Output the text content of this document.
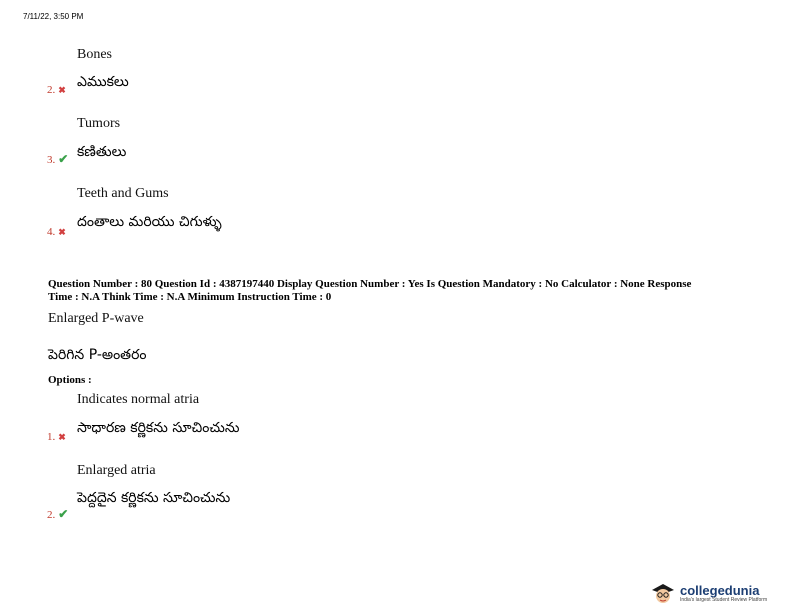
7/11/22, 3:50 PM
Bones
2. ✖ ఎముకలు
Tumors
3. ✔ కణితులు
Teeth and Gums
4. ✖
దంతాలు మరియు చిగుళ్ళు
Question Number : 80 Question Id : 4387197440 Display Question Number : Yes Is Question Mandatory : No Calculator : None Response
Time : N.A Think Time : N.A Minimum Instruction Time : 0
Enlarged P-wave
పెరిగిన P-అంతరం
Options :
Indicates normal atria
1. ✖
సాధారణ కర్ణికను సూచించును
Enlarged atria
2. ✔
పెద్దదైన కర్ణికను సూచించును
collegedunia
India's largest Student Review Platform
